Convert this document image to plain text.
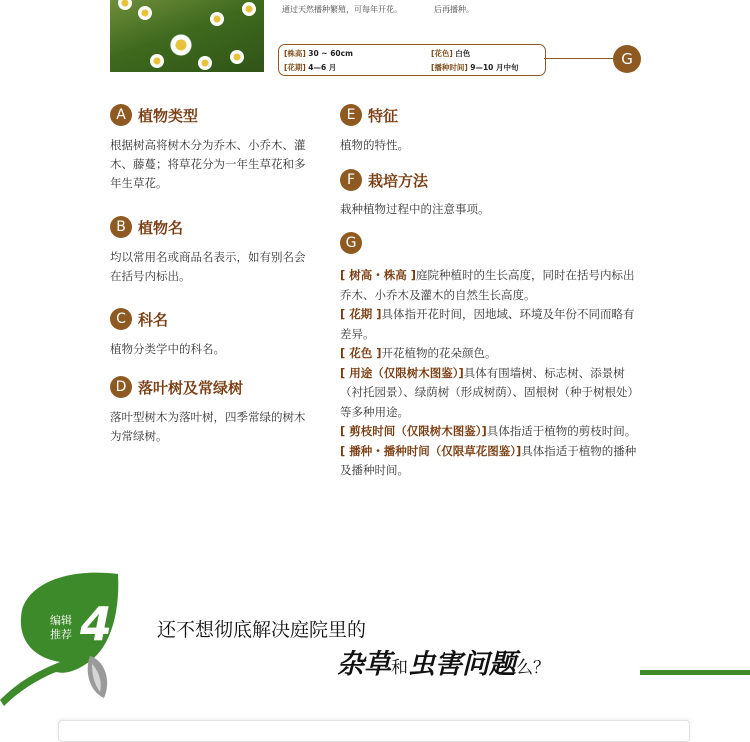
通过天然播种繁殖，可每年开花。	后再播种。
[株高] 30 ~ 60cm	[花色] 白色
[花期] 4—6 月	[播种时间] 9—10 月中旬	G
A 植物类型
根据树高将树木分为乔木、小乔木、灌木、藤蔓；将草花分为一年生草花和多年生草花。
B 植物名
均以常用名或商品名表示，如有别名会在括号内标出。
C 科名
植物分类学中的科名。
D 落叶树及常绿树
落叶型树木为落叶树，四季常绿的树木为常绿树。
E 特征
植物的特性。
F 栽培方法
栽种植物过程中的注意事项。
G

[ 树高・株高 ]庭院种植时的生长高度，同时在括号内标出乔木、小乔木及灌木的自然生长高度。

[ 花期 ]具体指开花时间，因地域、环境及年份不同而略有差异。

[ 花色 ]开花植物的花朵颜色。

[ 用途（仅限树木图鉴）]具体有围墙树、标志树、添景树（衬托园景）、绿荫树（形成树荫）、固根树（种于树根处）等多种用途。

[ 剪枝时间（仅限树木图鉴）]具体指适于植物的剪枝时间。

[ 播种・播种时间（仅限草花图鉴）]具体指适于植物的播种及播种时间。

编辑
推荐 4 还不想彻底解决庭院里的
杂草和虫害问题么？
